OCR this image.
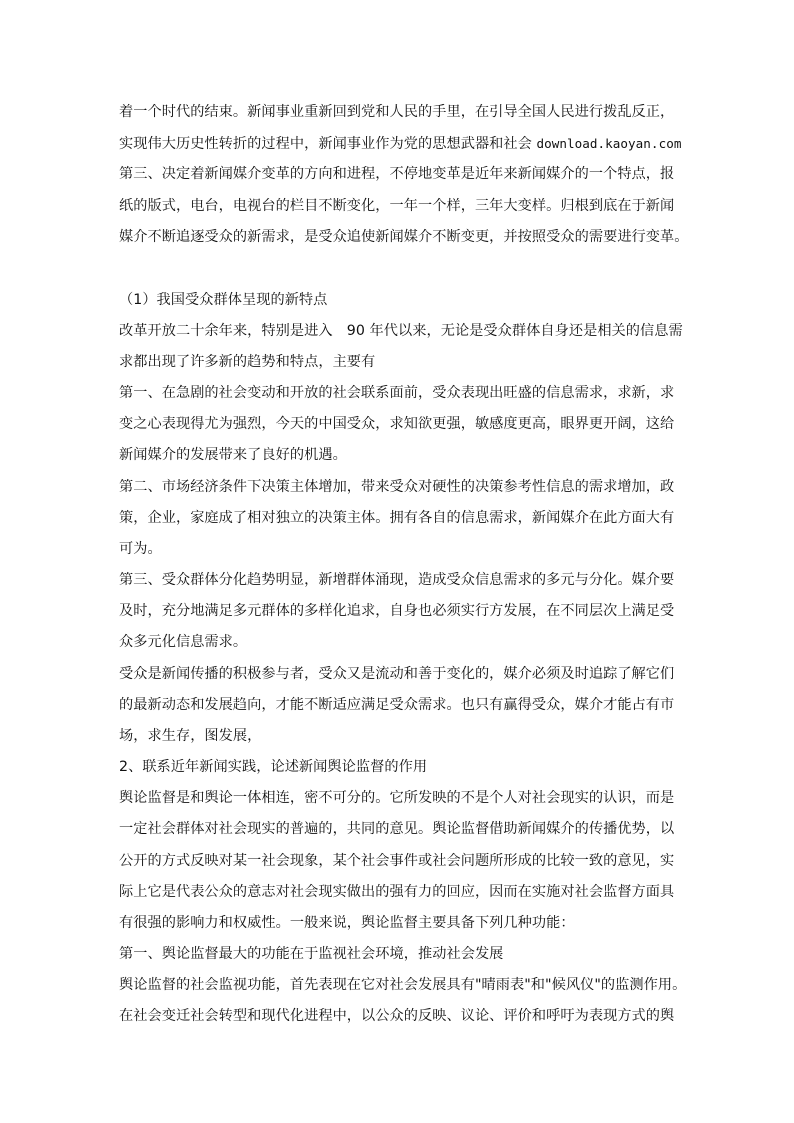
着一个时代的结束。新闻事业重新回到党和人民的手里，在引导全国人民进行拨乱反正，
实现伟大历史性转折的过程中，新闻事业作为党的思想武器和社会 download.kaoyan.com
第三、决定着新闻媒介变革的方向和进程，不停地变革是近年来新闻媒介的一个特点，报
纸的版式，电台，电视台的栏目不断变化，一年一个样，三年大变样。归根到底在于新闻
媒介不断追逐受众的新需求，是受众追使新闻媒介不断变更，并按照受众的需要进行变革。
（1）我国受众群体呈现的新特点
改革开放二十余年来，特别是进入　90 年代以来，无论是受众群体自身还是相关的信息需
求都出现了许多新的趋势和特点，主要有
第一、在急剧的社会变动和开放的社会联系面前，受众表现出旺盛的信息需求，求新，求
变之心表现得尤为强烈，今天的中国受众，求知欲更强，敏感度更高，眼界更开阔，这给
新闻媒介的发展带来了良好的机遇。
第二、市场经济条件下决策主体增加，带来受众对硬性的决策参考性信息的需求增加，政
策，企业，家庭成了相对独立的决策主体。拥有各自的信息需求，新闻媒介在此方面大有
可为。
第三、受众群体分化趋势明显，新增群体涌现，造成受众信息需求的多元与分化。媒介要
及时，充分地满足多元群体的多样化追求，自身也必须实行方发展，在不同层次上满足受
众多元化信息需求。
受众是新闻传播的积极参与者，受众又是流动和善于变化的，媒介必须及时追踪了解它们
的最新动态和发展趋向，才能不断适应满足受众需求。也只有赢得受众，媒介才能占有市
场，求生存，图发展，
2、联系近年新闻实践，论述新闻舆论监督的作用
舆论监督是和舆论一体相连，密不可分的。它所发映的不是个人对社会现实的认识，而是
一定社会群体对社会现实的普遍的，共同的意见。舆论监督借助新闻媒介的传播优势，以
公开的方式反映对某一社会现象，某个社会事件或社会问题所形成的比较一致的意见，实
际上它是代表公众的意志对社会现实做出的强有力的回应，因而在实施对社会监督方面具
有很强的影响力和权威性。一般来说，舆论监督主要具备下列几种功能：
第一、舆论监督最大的功能在于监视社会环境，推动社会发展
舆论监督的社会监视功能，首先表现在它对社会发展具有"晴雨表"和"候风仪"的监测作用。
在社会变迁社会转型和现代化进程中，以公众的反映、议论、评价和呼吁为表现方式的舆
